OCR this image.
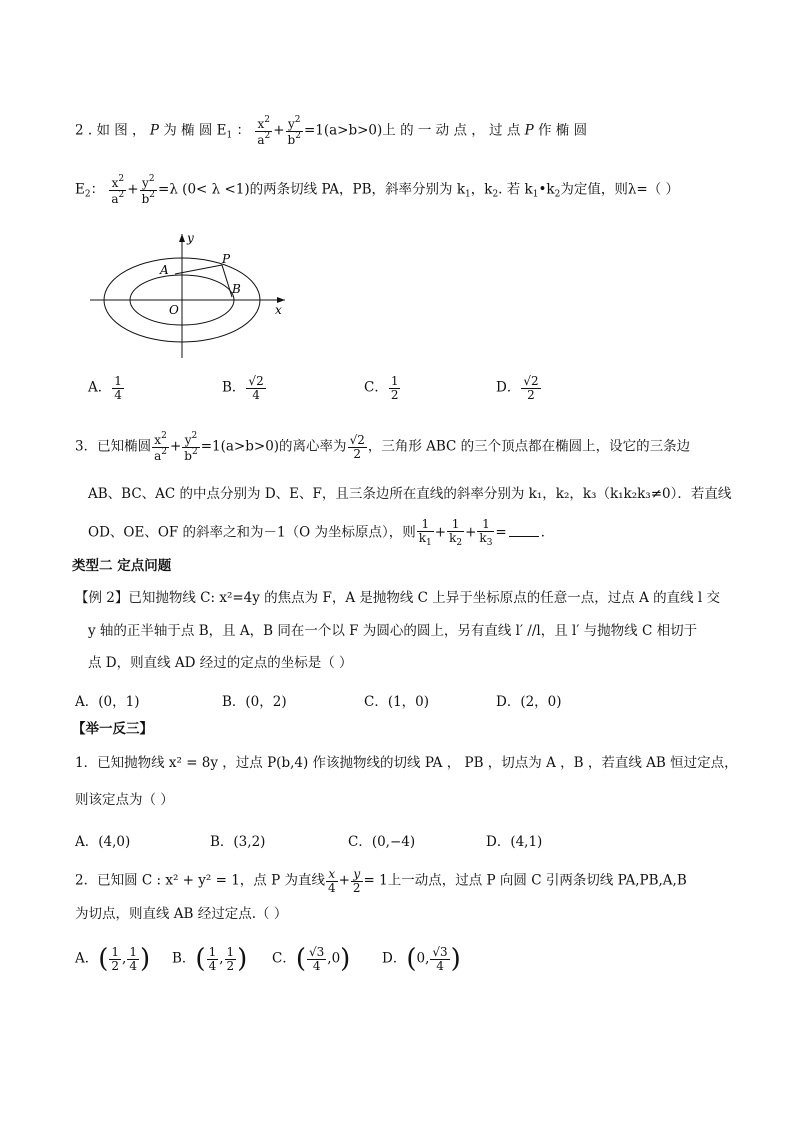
2 . 如 图 ， P 为 椭 圆 $E_1$ ： $\frac{x^2}{a^2} + \frac{y^2}{b^2} =1(a>b>0)$上 的 一 动 点 ， 过 点 P 作 椭 圆
$E_2$： $\frac{x^2}{a^2} + \frac{y^2}{b^2} =\lambda$ (0< λ <1)的两条切线 PA，PB，斜率分别为 $k_1$，$k_2$. 若 $k_1•k_2$为定值，则λ=（ ）
y
x
O
A
P
B
A． $\frac{1}{4}$	B． $\frac{√2}{4}$	C． $\frac{1}{2}$	D． $\frac{√2}{2}$
3．已知椭圆 $\frac{x^2}{a^2} + \frac{y^2}{b^2} =1(a>b>0)$的离心率为 $\frac{√2}{2}$ ，三角形 ABC 的三个顶点都在椭圆上，设它的三条边
AB、BC、AC 的中点分别为 D、E、F，且三条边所在直线的斜率分别为 k₁，k₂，k₃（k₁k₂k₃≠0）．若直线
OD、OE、OF 的斜率之和为－1（O 为坐标原点），则 $\frac{1}{k_1} + \frac{1}{k_2} + \frac{1}{k_3}$ =	．
类型二 定点问题
【例 2】已知抛物线 C: x²=4y 的焦点为 F，A 是抛物线 C 上异于坐标原点的任意一点，过点 A 的直线 l 交
y 轴的正半轴于点 B，且 A，B 同在一个以 F 为圆心的圆上，另有直线 l′ //l，且 l′ 与抛物线 C 相切于
点 D，则直线 AD 经过的定点的坐标是（ ）
A．(0，1)	B．(0，2)	C．(1，0)	D．(2，0)
【举一反三】
1．已知抛物线 x² = 8y ，过点 P(b,4) 作该抛物线的切线 PA ， PB ，切点为 A ，B ，若直线 AB 恒过定点，
则该定点为（ ）
A．(4,0)	B．(3,2)	C．(0,−4)	D．(4,1)
2．已知圆 C : x² + y² = 1，点 P 为直线 $\frac{x}{4} + \frac{y}{2} = 1$上一动点，过点 P 向圆 C 引两条切线 PA,PB,A,B
为切点，则直线 AB 经过定点.（ ）
A．( $\frac{1}{2}$ , $\frac{1}{4}$ ) B．( $\frac{1}{4}$ , $\frac{1}{2}$ ) C．( $\frac{√3}{4} ,0$) D．(0, $\frac{√3}{4}$ )
